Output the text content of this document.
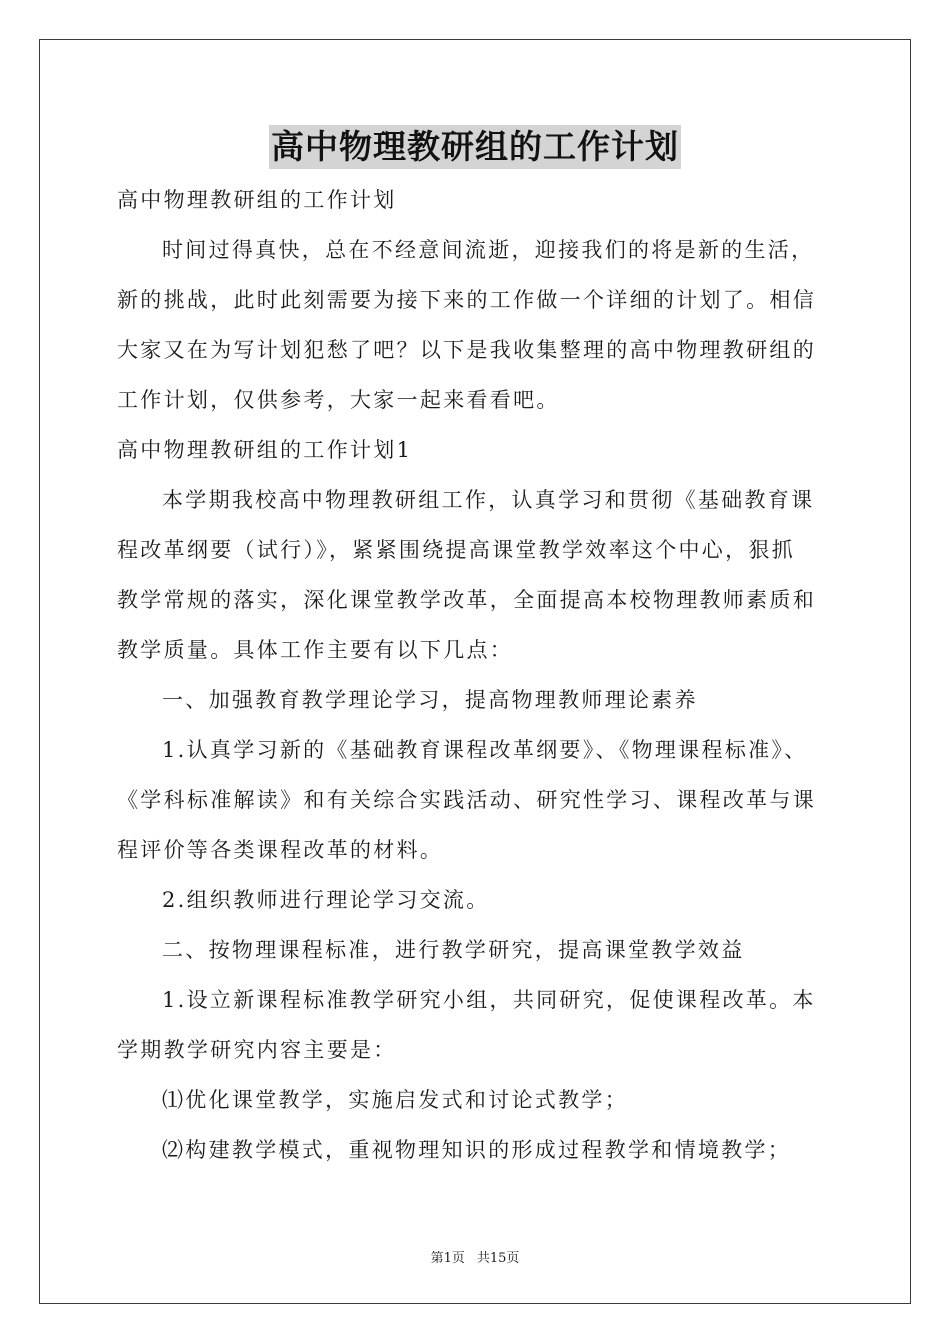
高中物理教研组的工作计划
高中物理教研组的工作计划
时间过得真快，总在不经意间流逝，迎接我们的将是新的生活，
新的挑战，此时此刻需要为接下来的工作做一个详细的计划了。相信
大家又在为写计划犯愁了吧？以下是我收集整理的高中物理教研组的
工作计划，仅供参考，大家一起来看看吧。
高中物理教研组的工作计划1
本学期我校高中物理教研组工作，认真学习和贯彻《基础教育课
程改革纲要（试行）》，紧紧围绕提高课堂教学效率这个中心，狠抓
教学常规的落实，深化课堂教学改革，全面提高本校物理教师素质和
教学质量。具体工作主要有以下几点：
一、加强教育教学理论学习，提高物理教师理论素养
1.认真学习新的《基础教育课程改革纲要》、《物理课程标准》、
《学科标准解读》和有关综合实践活动、研究性学习、课程改革与课
程评价等各类课程改革的材料。
2.组织教师进行理论学习交流。
二、按物理课程标准，进行教学研究，提高课堂教学效益
1.设立新课程标准教学研究小组，共同研究，促使课程改革。本
学期教学研究内容主要是：
⑴优化课堂教学，实施启发式和讨论式教学；
⑵构建教学模式，重视物理知识的形成过程教学和情境教学；
第1页 共15页
